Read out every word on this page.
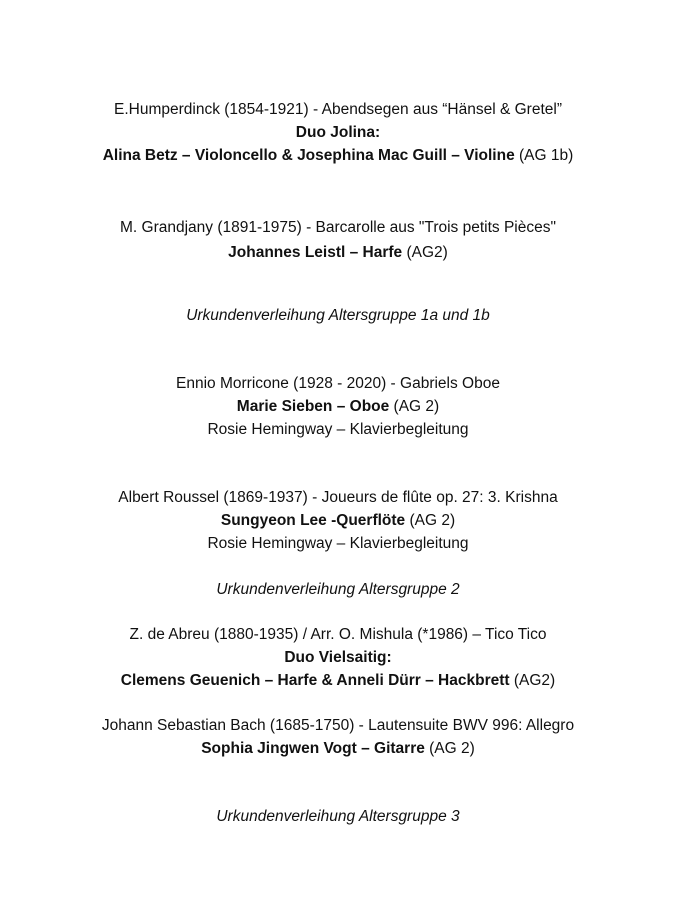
E.Humperdinck (1854-1921) - Abendsegen aus “Hänsel & Gretel”
Duo Jolina:
Alina Betz – Violoncello & Josephina Mac Guill – Violine (AG 1b)
M. Grandjany (1891-1975) - Barcarolle aus "Trois petits Pièces"
Johannes Leistl – Harfe (AG2)
Urkundenverleihung Altersgruppe 1a und 1b
Ennio Morricone (1928 - 2020) - Gabriels Oboe
Marie Sieben – Oboe (AG 2)
Rosie Hemingway – Klavierbegleitung
Albert Roussel (1869-1937) - Joueurs de flûte op. 27: 3. Krishna
Sungyeon Lee -Querflöte (AG 2)
Rosie Hemingway – Klavierbegleitung
Urkundenverleihung Altersgruppe 2
Z. de Abreu (1880-1935) / Arr. O. Mishula (*1986) – Tico Tico
Duo Vielsaitig:
Clemens Geuenich – Harfe & Anneli Dürr – Hackbrett (AG2)
Johann Sebastian Bach (1685-1750) - Lautensuite BWV 996: Allegro
Sophia Jingwen Vogt – Gitarre (AG 2)
Urkundenverleihung Altersgruppe 3
